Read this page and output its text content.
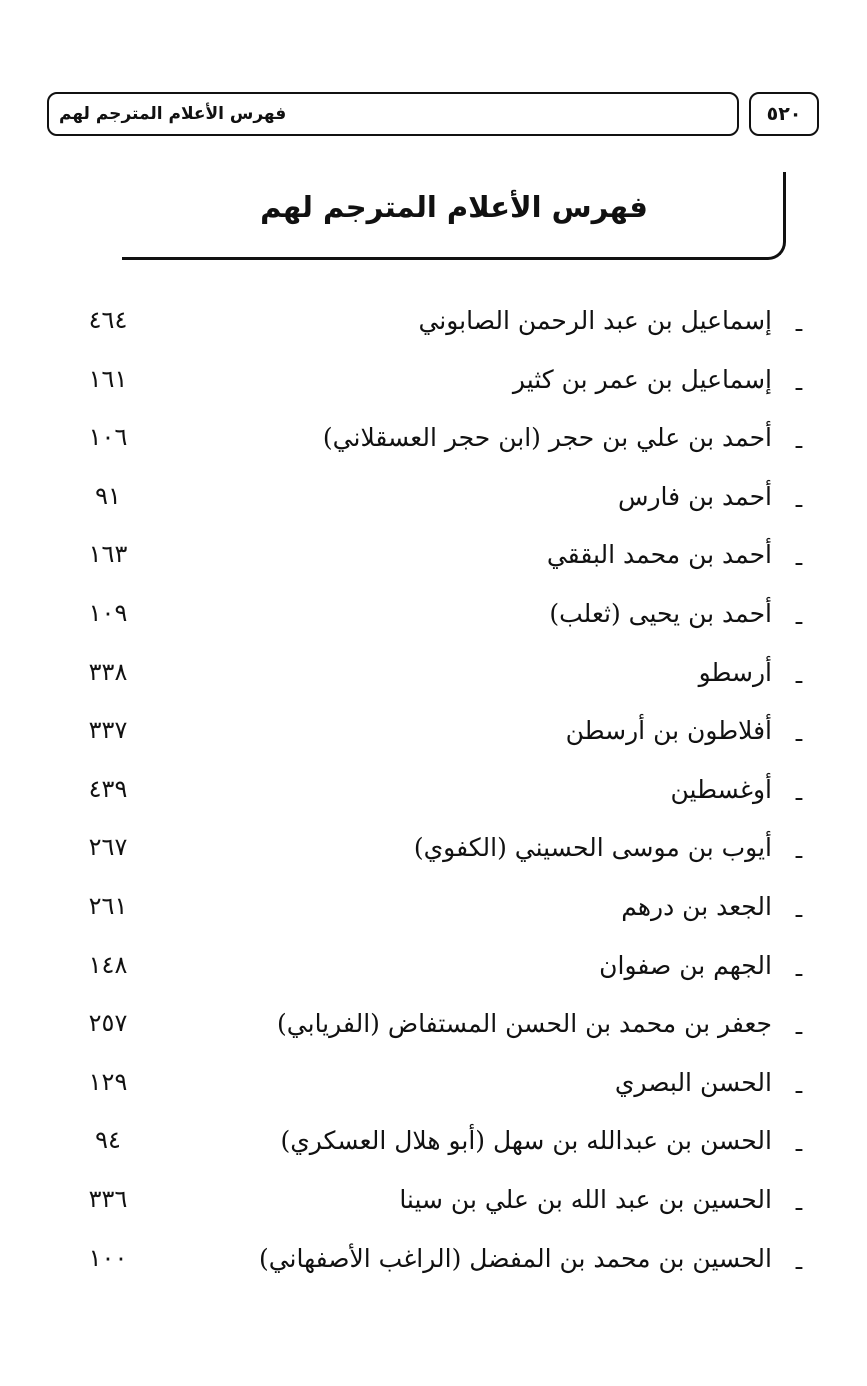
فهرس الأعلام المترجم لهم	٥٢٠
فهرس الأعلام المترجم لهم
ـ
إسماعيل بن عبد الرحمن الصابوني
٤٦٤
ـ
إسماعيل بن عمر بن كثير
١٦١
ـ
أحمد بن علي بن حجر (ابن حجر العسقلاني)
١٠٦
ـ
أحمد بن فارس
٩١
ـ
أحمد بن محمد البققي
١٦٣
ـ
أحمد بن يحيى (ثعلب)
١٠٩
ـ
أرسطو
٣٣٨
ـ
أفلاطون بن أرسطن
٣٣٧
ـ
أوغسطين
٤٣٩
ـ
أيوب بن موسى الحسيني (الكفوي)
٢٦٧
ـ
الجعد بن درهم
٢٦١
ـ
الجهم بن صفوان
١٤٨
ـ
جعفر بن محمد بن الحسن المستفاض (الفريابي)
٢٥٧
ـ
الحسن البصري
١٢٩
ـ
الحسن بن عبدالله بن سهل (أبو هلال العسكري)
٩٤
ـ
الحسين بن عبد الله بن علي بن سينا
٣٣٦
ـ
الحسين بن محمد بن المفضل (الراغب الأصفهاني)
١٠٠
